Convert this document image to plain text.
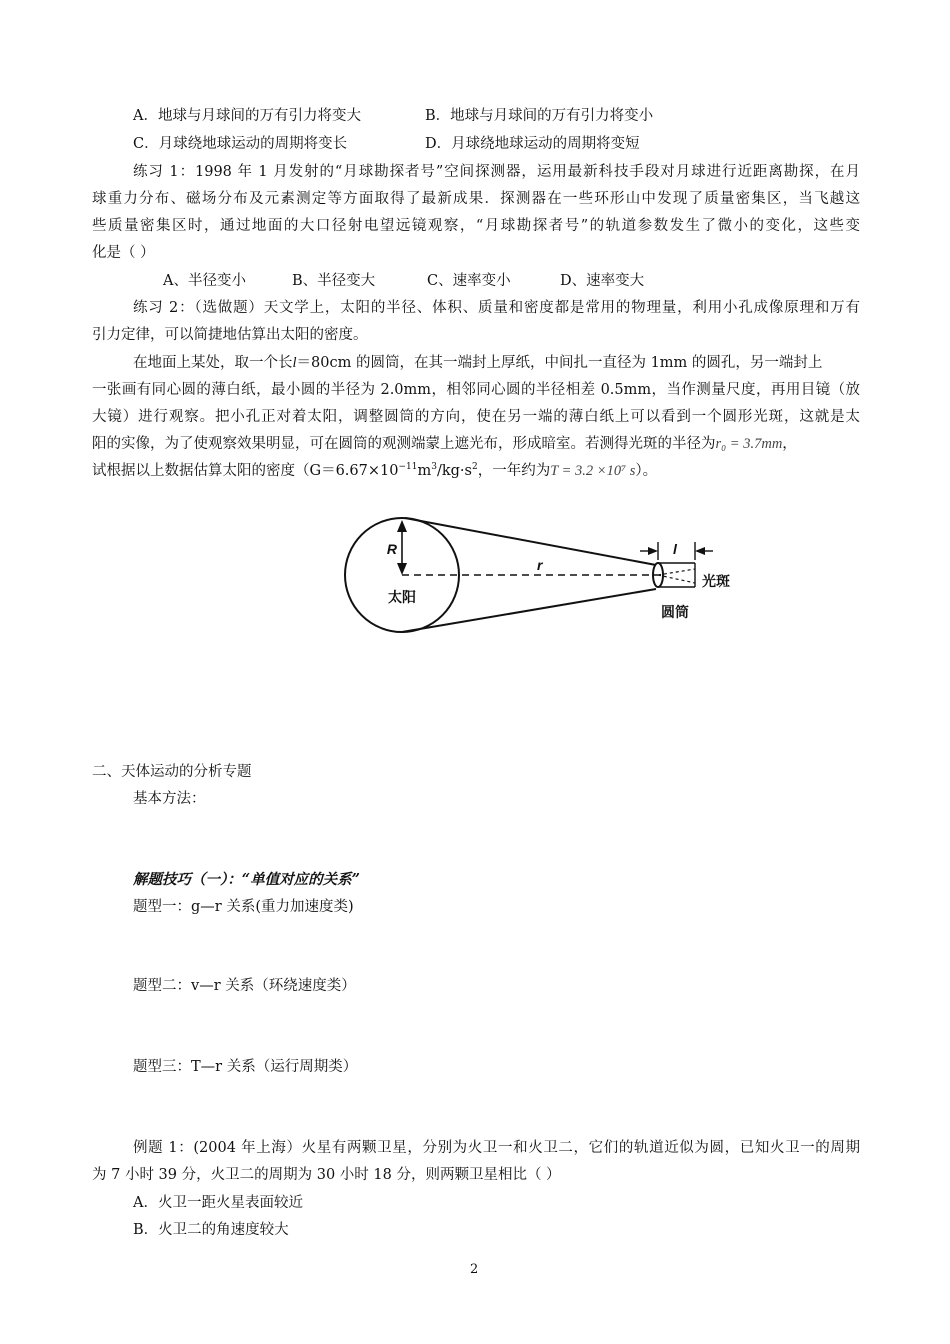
A．地球与月球间的万有引力将变大	B．地球与月球间的万有引力将变小
C．月球绕地球运动的周期将变长	D．月球绕地球运动的周期将变短
练习 1：1998 年 1 月发射的“月球勘探者号”空间探测器，运用最新科技手段对月球进行近距离勘探，在月
球重力分布、磁场分布及元素测定等方面取得了最新成果．探测器在一些环形山中发现了质量密集区，当飞越这
些质量密集区时，通过地面的大口径射电望远镜观察，“月球勘探者号”的轨道参数发生了微小的变化，这些变
化是（ ）
A、半径变小	B、半径变大	C、速率变小	D、速率变大
练习 2：（选做题）天文学上，太阳的半径、体积、质量和密度都是常用的物理量，利用小孔成像原理和万有
引力定律，可以简捷地估算出太阳的密度。
在地面上某处，取一个长l＝80cm 的圆筒，在其一端封上厚纸，中间扎一直径为 1mm 的圆孔，另一端封上
一张画有同心圆的薄白纸，最小圆的半径为 2.0mm，相邻同心圆的半径相差 0.5mm，当作测量尺度，再用目镜（放
大镜）进行观察。把小孔正对着太阳，调整圆筒的方向，使在另一端的薄白纸上可以看到一个圆形光斑，这就是太
阳的实像，为了使观察效果明显，可在圆筒的观测端蒙上遮光布，形成暗室。若测得光斑的半径为r₀ = 3.7mm，
试根据以上数据估算太阳的密度（$G=6.67\times 10^{-11}m^3/kg\cdot s^2$，一年约为T = 3.2 ×10⁷ s）。
R
r
l
太阳
圆筒
光斑
二、天体运动的分析专题
基本方法：
解题技巧（一）：“单值对应的关系”
题型一：g—r 关系(重力加速度类)
题型二：v—r 关系（环绕速度类）
题型三：T—r 关系（运行周期类）
例题 1：(2004 年上海）火星有两颗卫星，分别为火卫一和火卫二，它们的轨道近似为圆，已知火卫一的周期
为 7 小时 39 分，火卫二的周期为 30 小时 18 分，则两颗卫星相比（ ）
A．火卫一距火星表面较近
B．火卫二的角速度较大
2
